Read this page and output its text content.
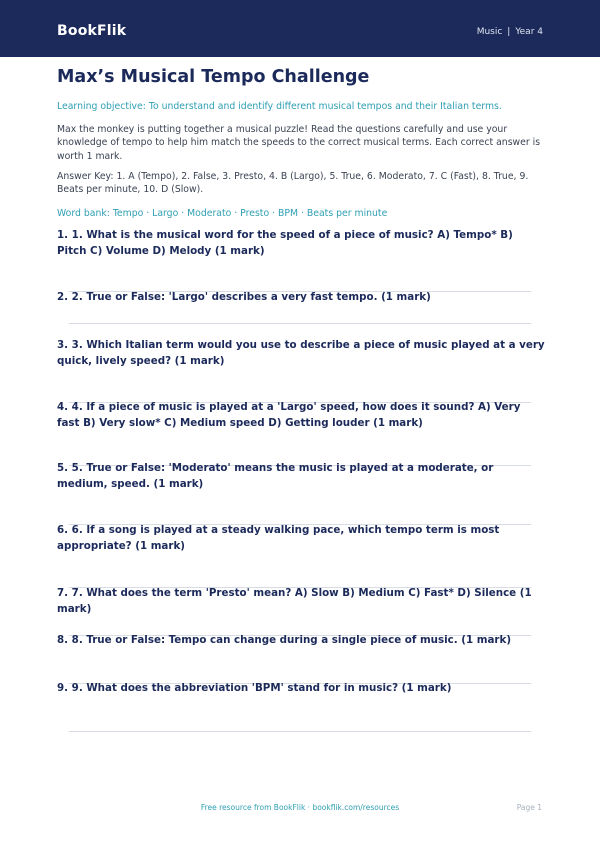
BookFlik	Music | Year 4
Max’s Musical Tempo Challenge
Learning objective: To understand and identify different musical tempos and their Italian terms.
Max the monkey is putting together a musical puzzle! Read the questions carefully and use your knowledge of tempo to help him match the speeds to the correct musical terms. Each correct answer is worth 1 mark.
Answer Key: 1. A (Tempo), 2. False, 3. Presto, 4. B (Largo), 5. True, 6. Moderato, 7. C (Fast), 8. True, 9. Beats per minute, 10. D (Slow).
Word bank: Tempo · Largo · Moderato · Presto · BPM · Beats per minute
1. 1. What is the musical word for the speed of a piece of music? A) Tempo* B) Pitch C) Volume D) Melody (1 mark)
2. 2. True or False: 'Largo' describes a very fast tempo. (1 mark)
3. 3. Which Italian term would you use to describe a piece of music played at a very quick, lively speed? (1 mark)
4. 4. If a piece of music is played at a 'Largo' speed, how does it sound? A) Very fast B) Very slow* C) Medium speed D) Getting louder (1 mark)
5. 5. True or False: 'Moderato' means the music is played at a moderate, or medium, speed. (1 mark)
6. 6. If a song is played at a steady walking pace, which tempo term is most appropriate? (1 mark)
7. 7. What does the term 'Presto' mean? A) Slow B) Medium C) Fast* D) Silence (1 mark)
8. 8. True or False: Tempo can change during a single piece of music. (1 mark)
9. 9. What does the abbreviation 'BPM' stand for in music? (1 mark)
Free resource from BookFlik · bookflik.com/resources	Page 1
